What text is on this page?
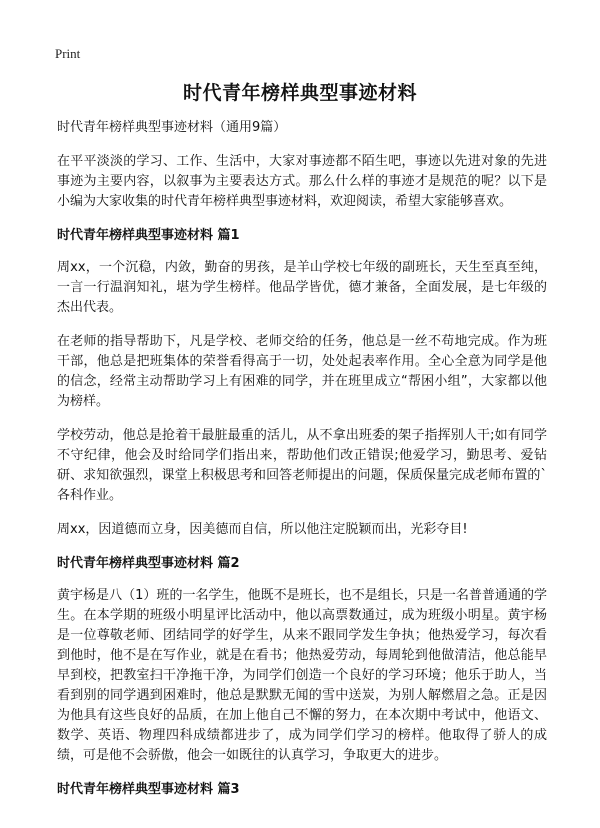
Print
时代青年榜样典型事迹材料
时代青年榜样典型事迹材料（通用9篇）

在平平淡淡的学习、工作、生活中，大家对事迹都不陌生吧，事迹以先进对象的先进事迹为主要内容，以叙事为主要表达方式。那么什么样的事迹才是规范的呢？以下是小编为大家收集的时代青年榜样典型事迹材料，欢迎阅读，希望大家能够喜欢。

时代青年榜样典型事迹材料 篇1

周xx，一个沉稳，内敛，勤奋的男孩，是羊山学校七年级的副班长，天生至真至纯，一言一行温润知礼，堪为学生榜样。他品学皆优，德才兼备，全面发展，是七年级的杰出代表。

在老师的指导帮助下，凡是学校、老师交给的任务，他总是一丝不苟地完成。作为班干部，他总是把班集体的荣誉看得高于一切，处处起表率作用。全心全意为同学是他的信念，经常主动帮助学习上有困难的同学，并在班里成立“帮困小组”，大家都以他为榜样。

学校劳动，他总是抢着干最脏最重的活儿，从不拿出班委的架子指挥别人干;如有同学不守纪律，他会及时给同学们指出来，帮助他们改正错误;他爱学习，勤思考、爱钻研、求知欲强烈，课堂上积极思考和回答老师提出的问题，保质保量完成老师布置的`各科作业。

周xx，因道德而立身，因美德而自信，所以他注定脱颖而出，光彩夺目!

时代青年榜样典型事迹材料 篇2

黄宇杨是八（1）班的一名学生，他既不是班长，也不是组长，只是一名普普通通的学生。在本学期的班级小明星评比活动中，他以高票数通过，成为班级小明星。黄宇杨是一位尊敬老师、团结同学的好学生，从来不跟同学发生争执；他热爱学习，每次看到他时，他不是在写作业，就是在看书；他热爱劳动，每周轮到他做清洁，他总能早早到校，把教室扫干净拖干净，为同学们创造一个良好的学习环境；他乐于助人，当看到别的同学遇到困难时，他总是默默无闻的雪中送炭，为别人解燃眉之急。正是因为他具有这些良好的品质，在加上他自己不懈的努力，在本次期中考试中，他语文、数学、英语、物理四科成绩都进步了，成为同学们学习的榜样。他取得了骄人的成绩，可是他不会骄傲，他会一如既往的认真学习，争取更大的进步。

时代青年榜样典型事迹材料 篇3
